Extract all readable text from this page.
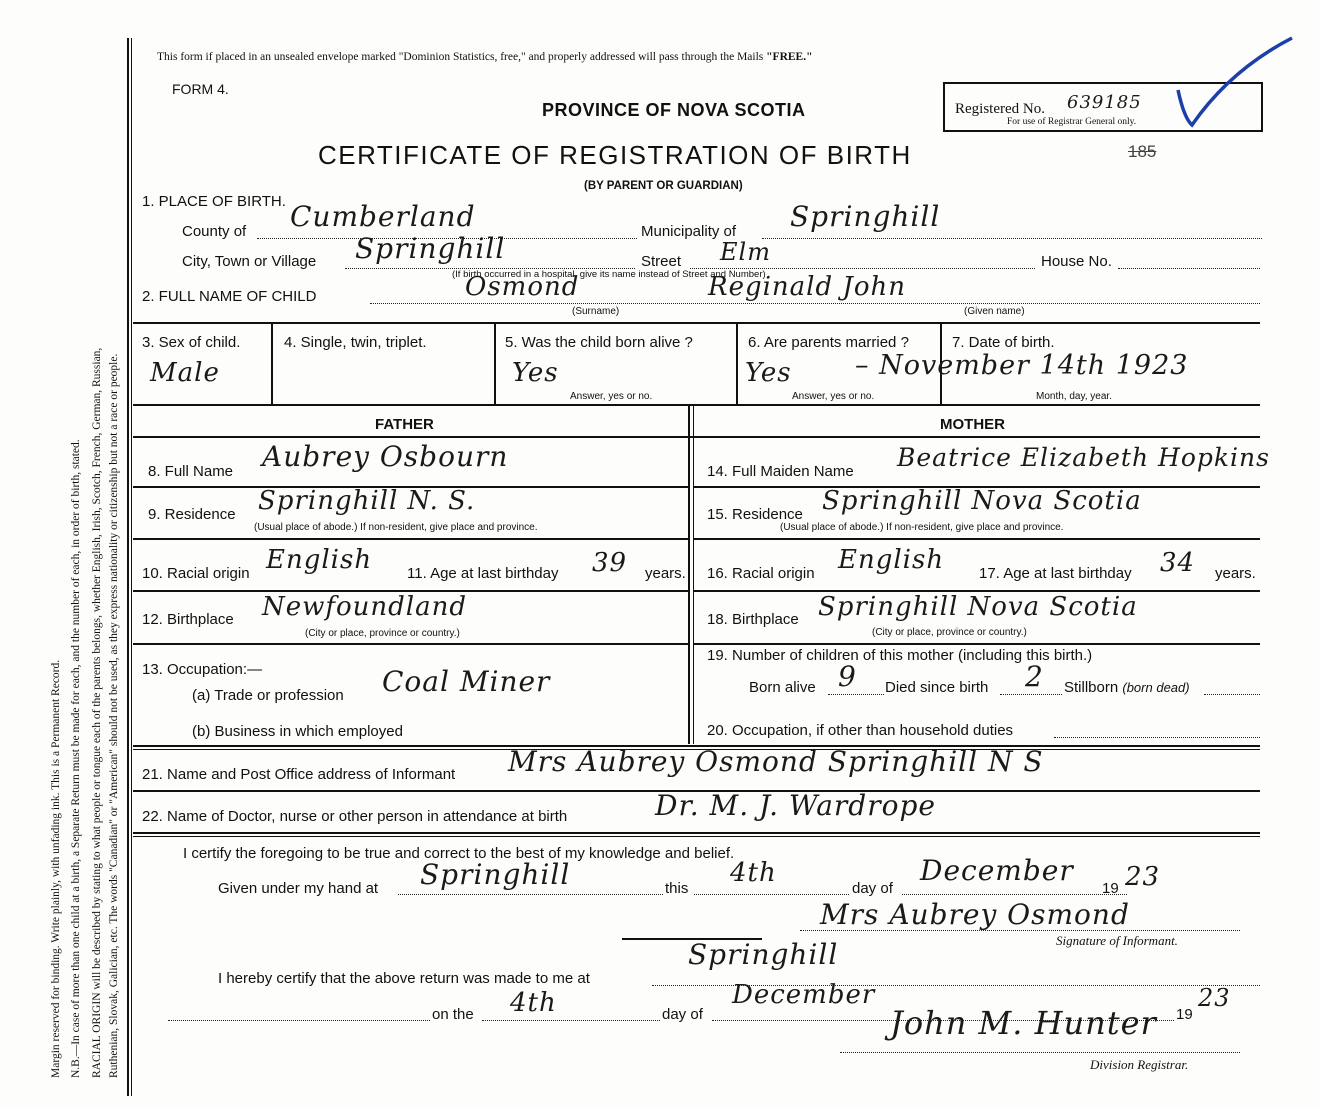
Margin reserved for binding. Write plainly, with unfading ink. This is a Permanent Record. N.B.—In case of more than one child at a birth, a Separate Return must be made for each, and the number of each, in order of birth, stated. RACIAL ORIGIN will be described by stating to what people or tongue each of the parents belongs, whether English, Irish, Scotch, French, German, Russian, Ruthenian, Slovak, Galician, etc. The words "Canadian" or "American" should not be used, as they express nationality or citizenship but not a race or people.
This form if placed in an unsealed envelope marked "Dominion Statistics, free," and properly addressed will pass through the Mails "FREE."
FORM 4.
PROVINCE OF NOVA SCOTIA
CERTIFICATE OF REGISTRATION OF BIRTH
(BY PARENT OR GUARDIAN)
185
Registered No. 639185
For use of Registrar General only.
1. PLACE OF BIRTH.
County of Cumberland	Municipality of Springhill
City, Town or Village Springhill	Street Elm	House No.
(If birth occurred in a hospital, give its name instead of Street and Number)
2. FULL NAME OF CHILD	Osmond	Reginald John
(Surname)	(Given name)
3. Sex of child.
Male
4. Single, twin, triplet.	5. Was the child born alive ?
Yes
Answer, yes or no.
6. Are parents married ?
Yes
Answer, yes or no.
7. Date of birth.
– November 14th 1923
Month, day, year.
FATHER	MOTHER
8. Full Name Aubrey Osbourn
9. Residence Springhill N. S.
(Usual place of abode.) If non-resident, give place and province.
10. Racial origin English 11. Age at last birthday 39 years.
12. Birthplace Newfoundland
(City or place, province or country.)
13. Occupation:—
(a) Trade or profession Coal Miner
(b) Business in which employed
14. Full Maiden Name Beatrice Elizabeth Hopkins
15. Residence Springhill Nova Scotia
(Usual place of abode.) If non-resident, give place and province.
16. Racial origin English 17. Age at last birthday 34 years.
18. Birthplace Springhill Nova Scotia
(City or place, province or country.)
19. Number of children of this mother (including this birth.)
Born alive 9 Died since birth 2 Stillborn (born dead)
20. Occupation, if other than household duties
21. Name and Post Office address of Informant Mrs Aubrey Osmond Springhill N S
22. Name of Doctor, nurse or other person in attendance at birth	Dr. M. J. Wardrope
I certify the foregoing to be true and correct to the best of my knowledge and belief.
Given under my hand at Springhill	this
4th
day of
December
19 23
Mrs Aubrey Osmond
Signature of Informant.
I hereby certify that the above return was made to me at
Springhill
on the 4th	day of
December
19
23
John M. Hunter
Division Registrar.
